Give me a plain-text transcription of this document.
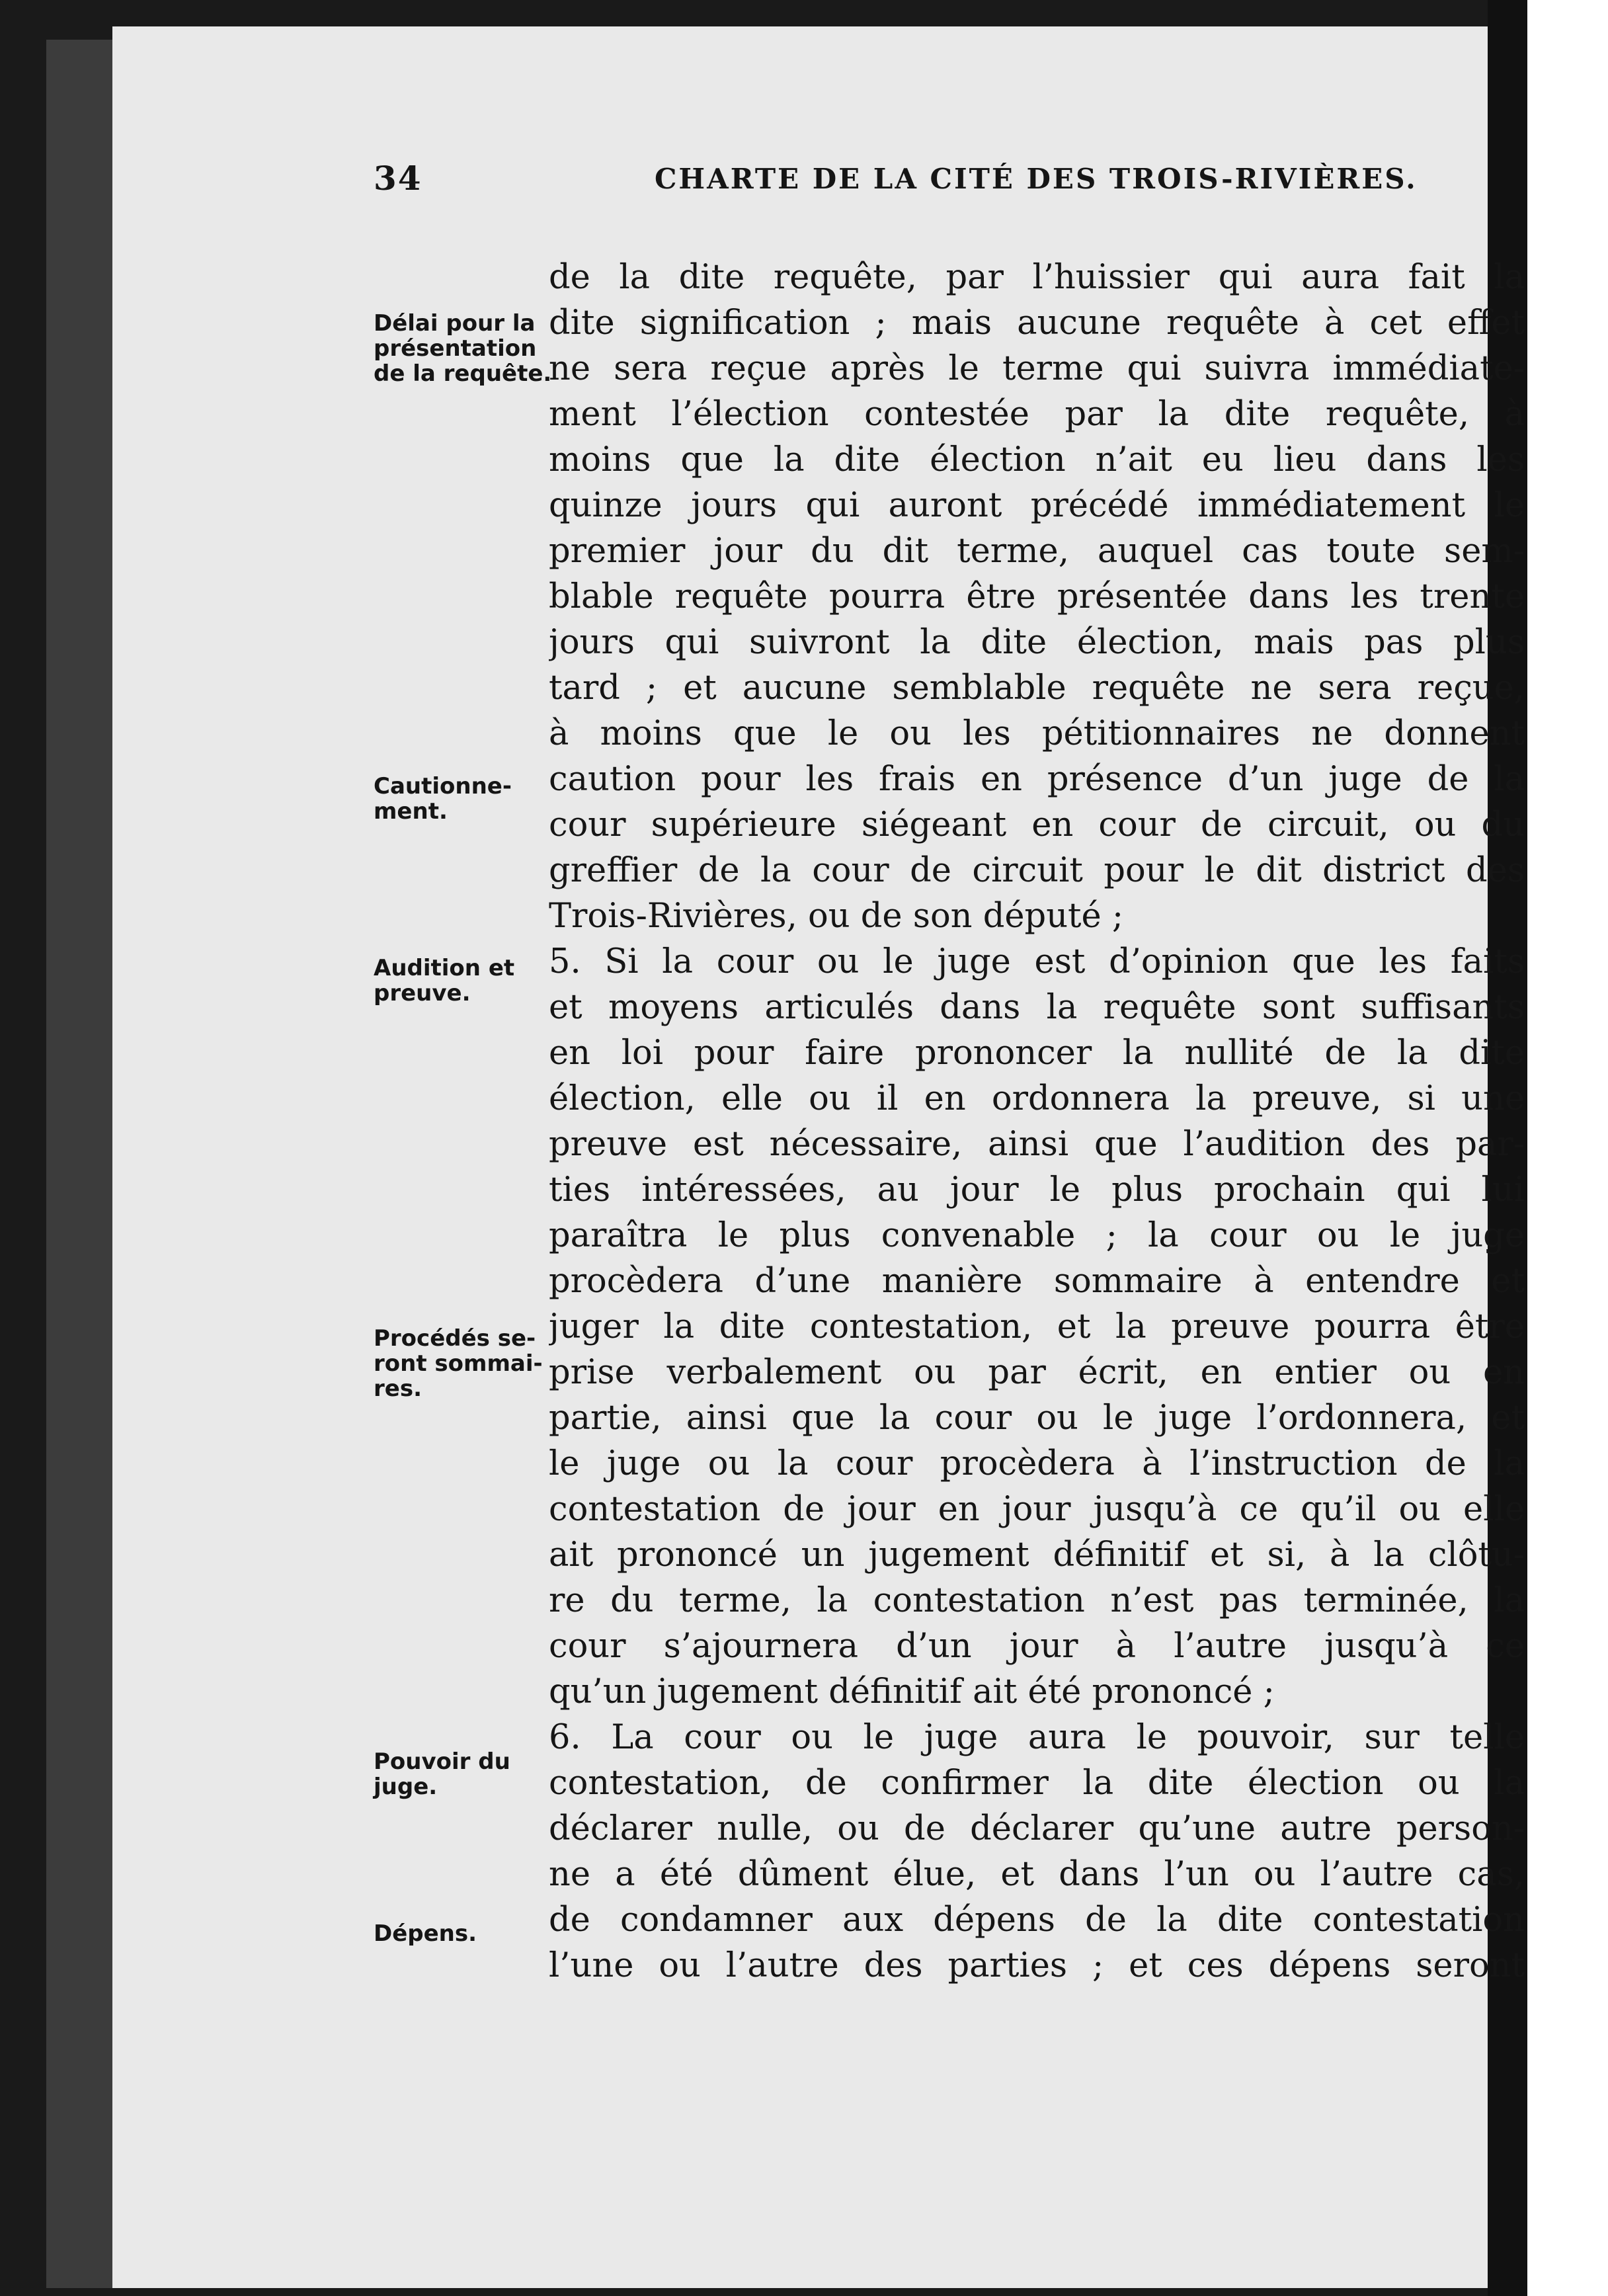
34	CHARTE DE LA CITÉ DES TROIS-RIVIÈRES.
Délai pour la présentation de la requête.
Cautionnement.
Audition et preuve.
Procédés seront sommaires.
Pouvoir du juge.
Dépens.
de la dite requête, par l’huissier qui aura fait la
dite signification ; mais aucune requête à cet effet
ne sera reçue après le terme qui suivra immédiate-
ment l’élection contestée par la dite requête, à
moins que la dite élection n’ait eu lieu dans les
quinze jours qui auront précédé immédiatement le
premier jour du dit terme, auquel cas toute sem-
blable requête pourra être présentée dans les trente
jours qui suivront la dite élection, mais pas plus
tard ; et aucune semblable requête ne sera reçue,
à moins que le ou les pétitionnaires ne donnent
caution pour les frais en présence d’un juge de la
cour supérieure siégeant en cour de circuit, ou du
greffier de la cour de circuit pour le dit district des
Trois-Rivières, ou de son député ;
5. Si la cour ou le juge est d’opinion que les faits
et moyens articulés dans la requête sont suffisants
en loi pour faire prononcer la nullité de la dite
élection, elle ou il en ordonnera la preuve, si une
preuve est nécessaire, ainsi que l’audition des par-
ties intéressées, au jour le plus prochain qui lui
paraîtra le plus convenable ; la cour ou le juge
procèdera d’une manière sommaire à entendre et
juger la dite contestation, et la preuve pourra être
prise verbalement ou par écrit, en entier ou en
partie, ainsi que la cour ou le juge l’ordonnera, et
le juge ou la cour procèdera à l’instruction de la
contestation de jour en jour jusqu’à ce qu’il ou elle
ait prononcé un jugement définitif et si, à la clôtu-
re du terme, la contestation n’est pas terminée, la
cour s’ajournera d’un jour à l’autre jusqu’à ce
qu’un jugement définitif ait été prononcé ;
6. La cour ou le juge aura le pouvoir, sur telle
contestation, de confirmer la dite élection ou la
déclarer nulle, ou de déclarer qu’une autre person-
ne a été dûment élue, et dans l’un ou l’autre cas,
de condamner aux dépens de la dite contestation
l’une ou l’autre des parties ; et ces dépens seront
